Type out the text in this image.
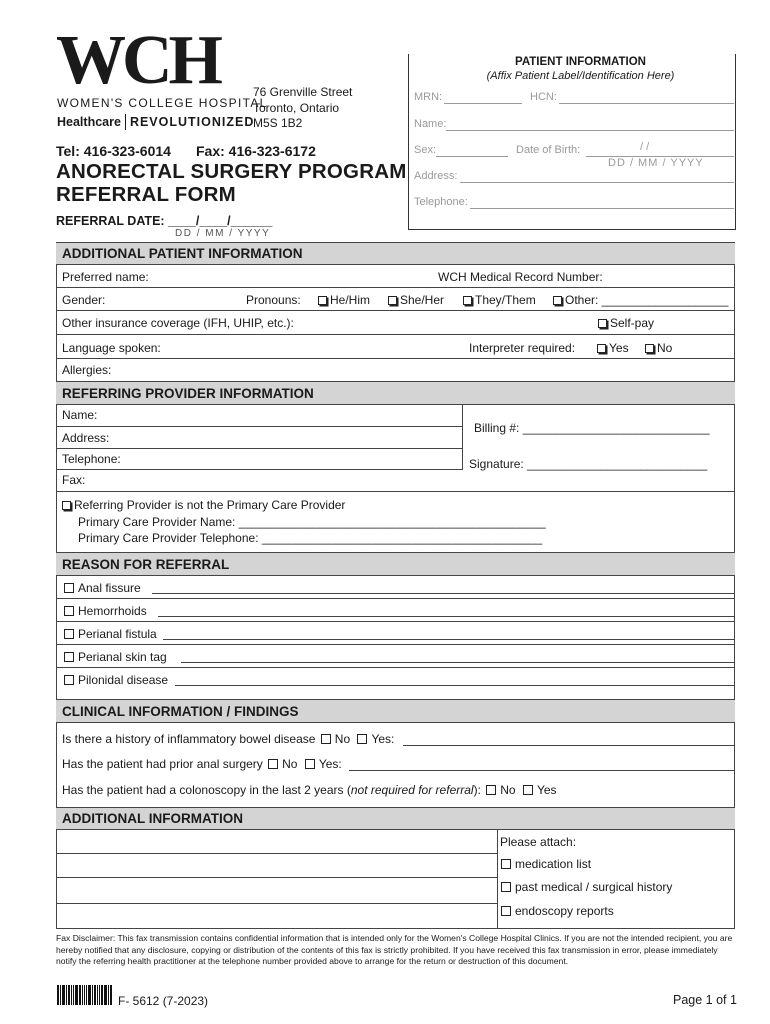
WCH
WOMEN'S COLLEGE HOSPITAL
Healthcare REVOLUTIONIZED
76 Grenville Street
Toronto, Ontario
M5S 1B2
Tel: 416-323-6014 Fax: 416-323-6172
ANORECTAL SURGERY PROGRAM
REFERRAL FORM
REFERRAL DATE: ____/____/______
DD / MM / YYYY
PATIENT INFORMATION
(Affix Patient Label/Identification Here)
MRN:	HCN:
Name:
Sex:	Date of Birth:	/ /
DD / MM / YYYY
Address:
Telephone:
ADDITIONAL PATIENT INFORMATION
Preferred name:	WCH Medical Record Number:
Gender:	Pronouns:	He/Him	She/Her	They/Them	Other: ___________________
Other insurance coverage (IFH, UHIP, etc.):	Self-pay
Language spoken:	Interpreter required:	Yes	No
Allergies:
REFERRING PROVIDER INFORMATION
Name:
Address:
Telephone:
Fax:
Billing #: ____________________________
Signature: ___________________________
Referring Provider is not the Primary Care Provider
Primary Care Provider Name: ______________________________________________
Primary Care Provider Telephone: __________________________________________
REASON FOR REFERRAL
Anal fissure
Hemorrhoids
Perianal fistula
Perianal skin tag
Pilonidal disease
CLINICAL INFORMATION / FINDINGS
Is there a history of inflammatory bowel disease No Yes:
Has the patient had prior anal surgery No Yes:
Has the patient had a colonoscopy in the last 2 years (not required for referral): No Yes
ADDITIONAL INFORMATION
Please attach:
medication list
past medical / surgical history
endoscopy reports
Fax Disclaimer: This fax transmission contains confidential information that is intended only for the Women's College Hospital Clinics. If you are not the intended recipient, you are hereby notified that any disclosure, copying or distribution of the contents of this fax is strictly prohibited. If you have received this fax transmission in error, please immediately notify the referring health practitioner at the telephone number provided above to arrange for the return or destruction of this document.
F- 5612 (7-2023)	Page 1 of 1
